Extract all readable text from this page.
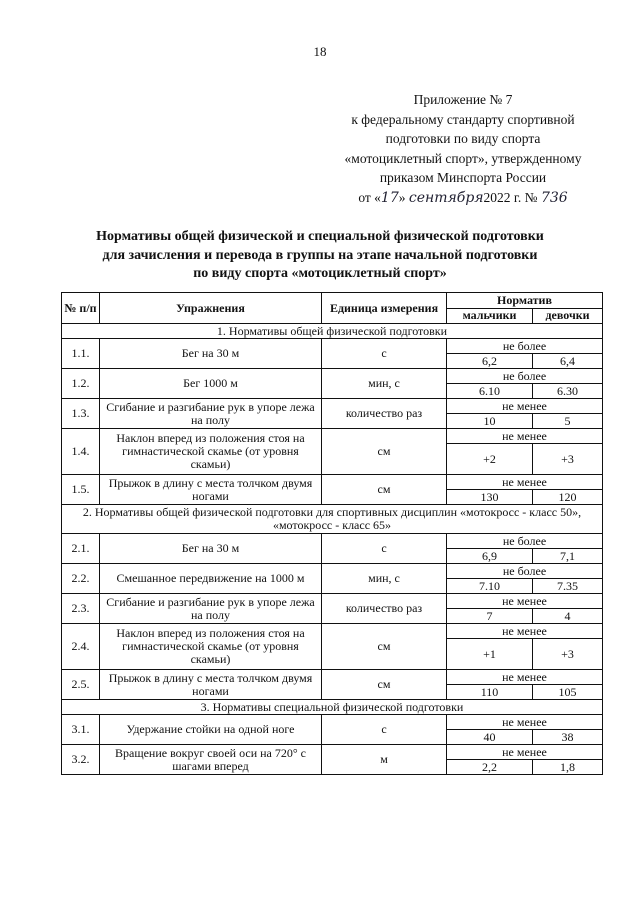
18
Приложение № 7
к федеральному стандарту спортивной
подготовки по виду спорта
«мотоциклетный спорт», утвержденному
приказом Минспорта России
от «17» сентября2022 г. № 736
Нормативы общей физической и специальной физической подготовки
для зачисления и перевода в группы на этапе начальной подготовки
по виду спорта «мотоциклетный спорт»
№ п/п	Упражнения	Единица измерения	Норматив	
			мальчики	девочки
1. Нормативы общей физической подготовки				
1.1.	Бег на 30 м	с	не более	
			6,2	6,4
1.2.	Бег 1000 м	мин, с	не более	
			6.10	6.30
1.3.	Сгибание и разгибание рук в упоре лежа на полу	количество раз	не менее	
			10	5
1.4.	Наклон вперед из положения стоя на гимнастической скамье (от уровня скамьи)	см	не менее	
			+2	+3
1.5.	Прыжок в длину с места толчком двумя ногами	см	не менее	
			130	120
2. Нормативы общей физической подготовки для спортивных дисциплин «мотокросс - класс 50», «мотокросс - класс 65»				
2.1.	Бег на 30 м	с	не более	
			6,9	7,1
2.2.	Смешанное передвижение на 1000 м	мин, с	не более	
			7.10	7.35
2.3.	Сгибание и разгибание рук в упоре лежа на полу	количество раз	не менее	
			7	4
2.4.	Наклон вперед из положения стоя на гимнастической скамье (от уровня скамьи)	см	не менее	
			+1	+3
2.5.	Прыжок в длину с места толчком двумя ногами	см	не менее	
			110	105
3. Нормативы специальной физической подготовки				
3.1.	Удержание стойки на одной ноге	с	не менее	
			40	38
3.2.	Вращение вокруг своей оси на 720° с шагами вперед	м	не менее	
			2,2	1,8
